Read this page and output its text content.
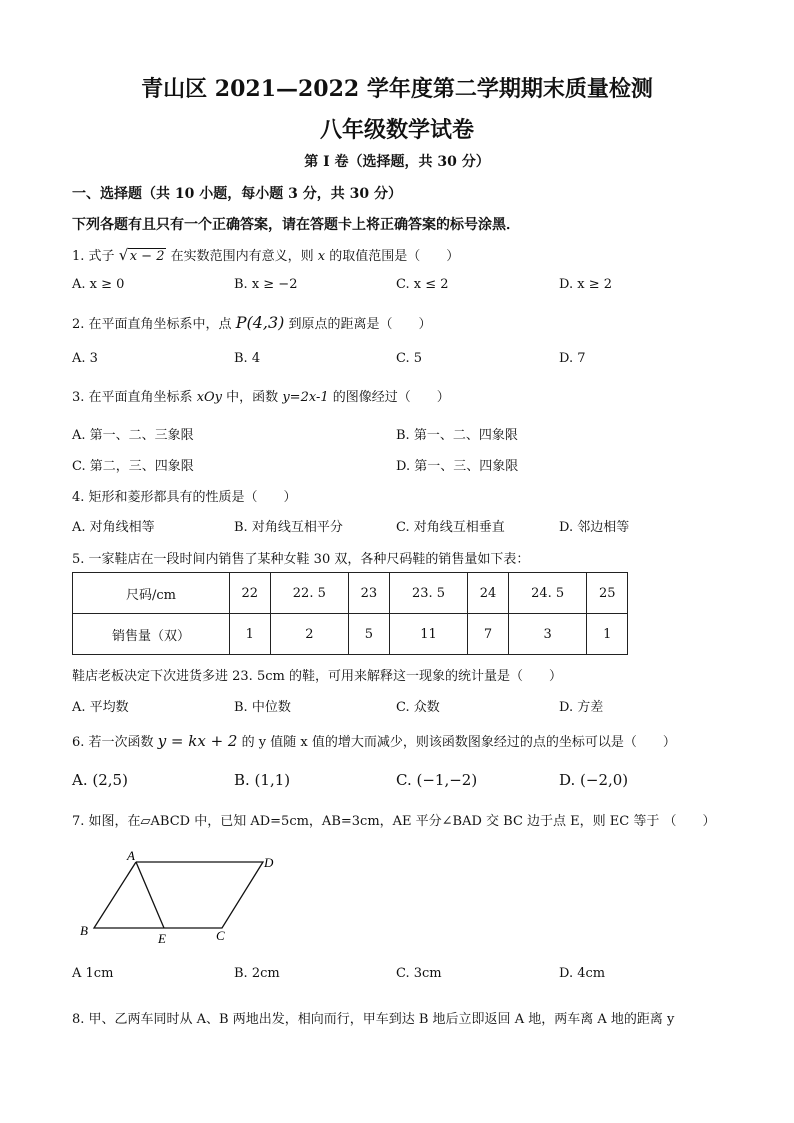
青山区 2021—2022 学年度第二学期期末质量检测
八年级数学试卷
第 I 卷（选择题，共 30 分）
一、选择题（共 10 小题，每小题 3 分，共 30 分）
下列各题有且只有一个正确答案，请在答题卡上将正确答案的标号涂黑．
1. 式子 √ x − 2 在实数范围内有意义，则 x 的取值范围是（　　）
A. x ≥ 0	B. x ≥ −2	C. x ≤ 2	D. x ≥ 2
2. 在平面直角坐标系中，点 P(4,3) 到原点的距离是（　　）
A. 3	B. 4	C. 5	D. 7
3. 在平面直角坐标系 xOy 中，函数 y=2x-1 的图像经过（　　）
A. 第一、二、三象限	B. 第一、二、四象限
C. 第二，三、四象限	D. 第一、三、四象限
4. 矩形和菱形都具有的性质是（　　）
A. 对角线相等	B. 对角线互相平分	C. 对角线互相垂直	D. 邻边相等
5. 一家鞋店在一段时间内销售了某种女鞋 30 双，各种尺码鞋的销售量如下表：
尺码/cm	22	22. 5	23	23. 5	24	24. 5	25
销售量（双）	1	2	5	11	7	3	1
鞋店老板决定下次进货多进 23. 5cm 的鞋，可用来解释这一现象的统计量是（　　）
A. 平均数	B. 中位数	C. 众数	D. 方差
6. 若一次函数 y = kx + 2 的 y 值随 x 值的增大而减少，则该函数图象经过的点的坐标可以是（　　）
A. (2,5)	B. (1,1)	C. (−1,−2)	D. (−2,0)
7. 如图，在▱ABCD 中，已知 AD=5cm，AB=3cm，AE 平分∠BAD 交 BC 边于点 E，则 EC 等于 （　　）
A	D
B
E	C
A 1cm	B. 2cm	C. 3cm	D. 4cm
8. 甲、乙两车同时从 A、B 两地出发，相向而行，甲车到达 B 地后立即返回 A 地，两车离 A 地的距离 y
